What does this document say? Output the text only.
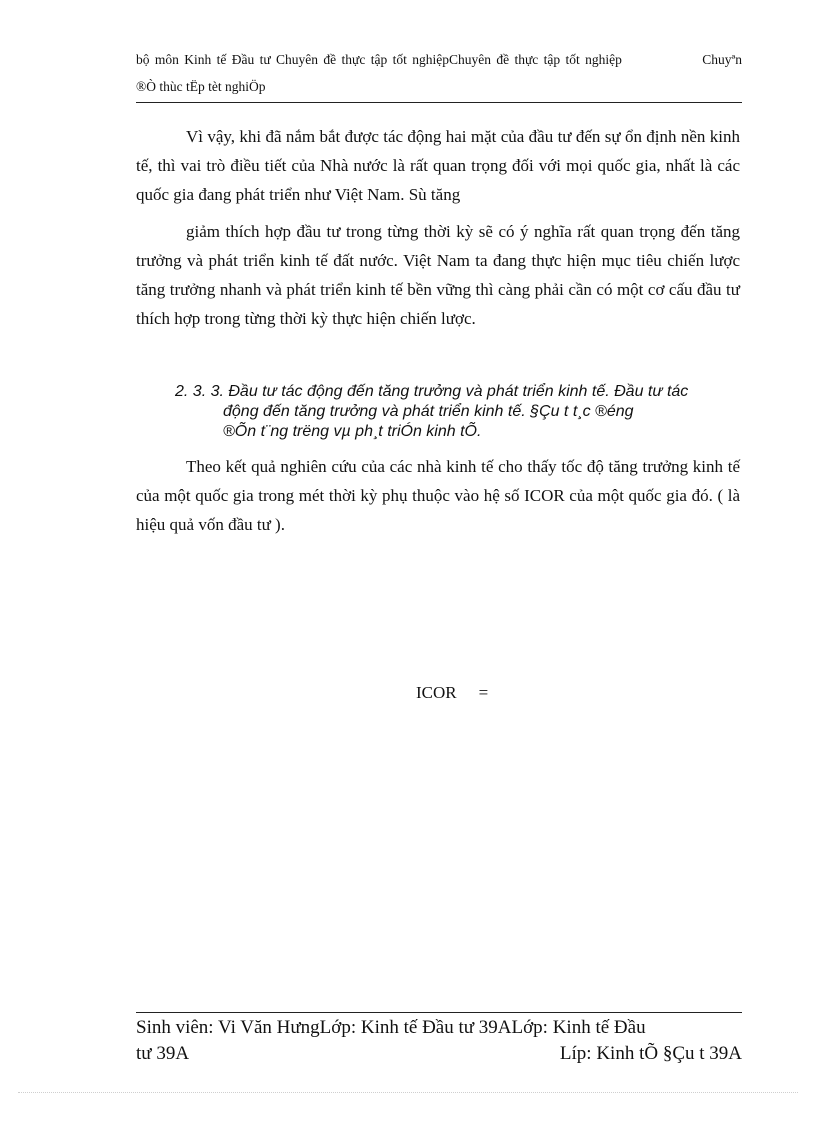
bộ môn Kinh tế Đầu tư Chuyên đề thực tập tốt nghiệpChuyên đề thực tập tốt nghiệp	Chuyªn
®Ò thùc tËp tèt nghiÖp
Vì vậy, khi đã nắm bắt được tác động hai mặt của đầu tư đến sự ổn định nền kinh tế, thì vai trò điều tiết của Nhà nước là rất quan trọng đối với mọi quốc gia, nhất là các quốc gia đang phát triển như Việt Nam. Sù tăng
giảm thích hợp đầu tư trong từng thời kỳ sẽ có ý nghĩa rất quan trọng đến tăng trưởng và phát triển kinh tế đất nước. Việt Nam ta đang thực hiện mục tiêu chiến lược tăng trưởng nhanh và phát triển kinh tế bền vững thì càng phải cần có một cơ cấu đầu tư thích hợp trong từng thời kỳ thực hiện chiến lược.
2. 3. 3. Đầu tư tác động đến tăng trưởng và phát triển kinh tế. Đầu tư tác
động đến tăng trưởng và phát triển kinh tế. §Çu t t¸c ®éng
®Õn t¨ng trëng vµ ph¸t triÓn kinh tÕ.
Theo kết quả nghiên cứu của các nhà kinh tế cho thấy tốc độ tăng trưởng kinh tế của một quốc gia trong mét thời kỳ phụ thuộc vào hệ số ICOR của một quốc gia đó. ( là hiệu quả vốn đầu tư ).
ICOR =
Sinh viên: Vi Văn HưngLớp: Kinh tế Đầu tư 39ALớp: Kinh tế Đầu
tư 39A	Líp: Kinh tÕ §Çu t 39A
